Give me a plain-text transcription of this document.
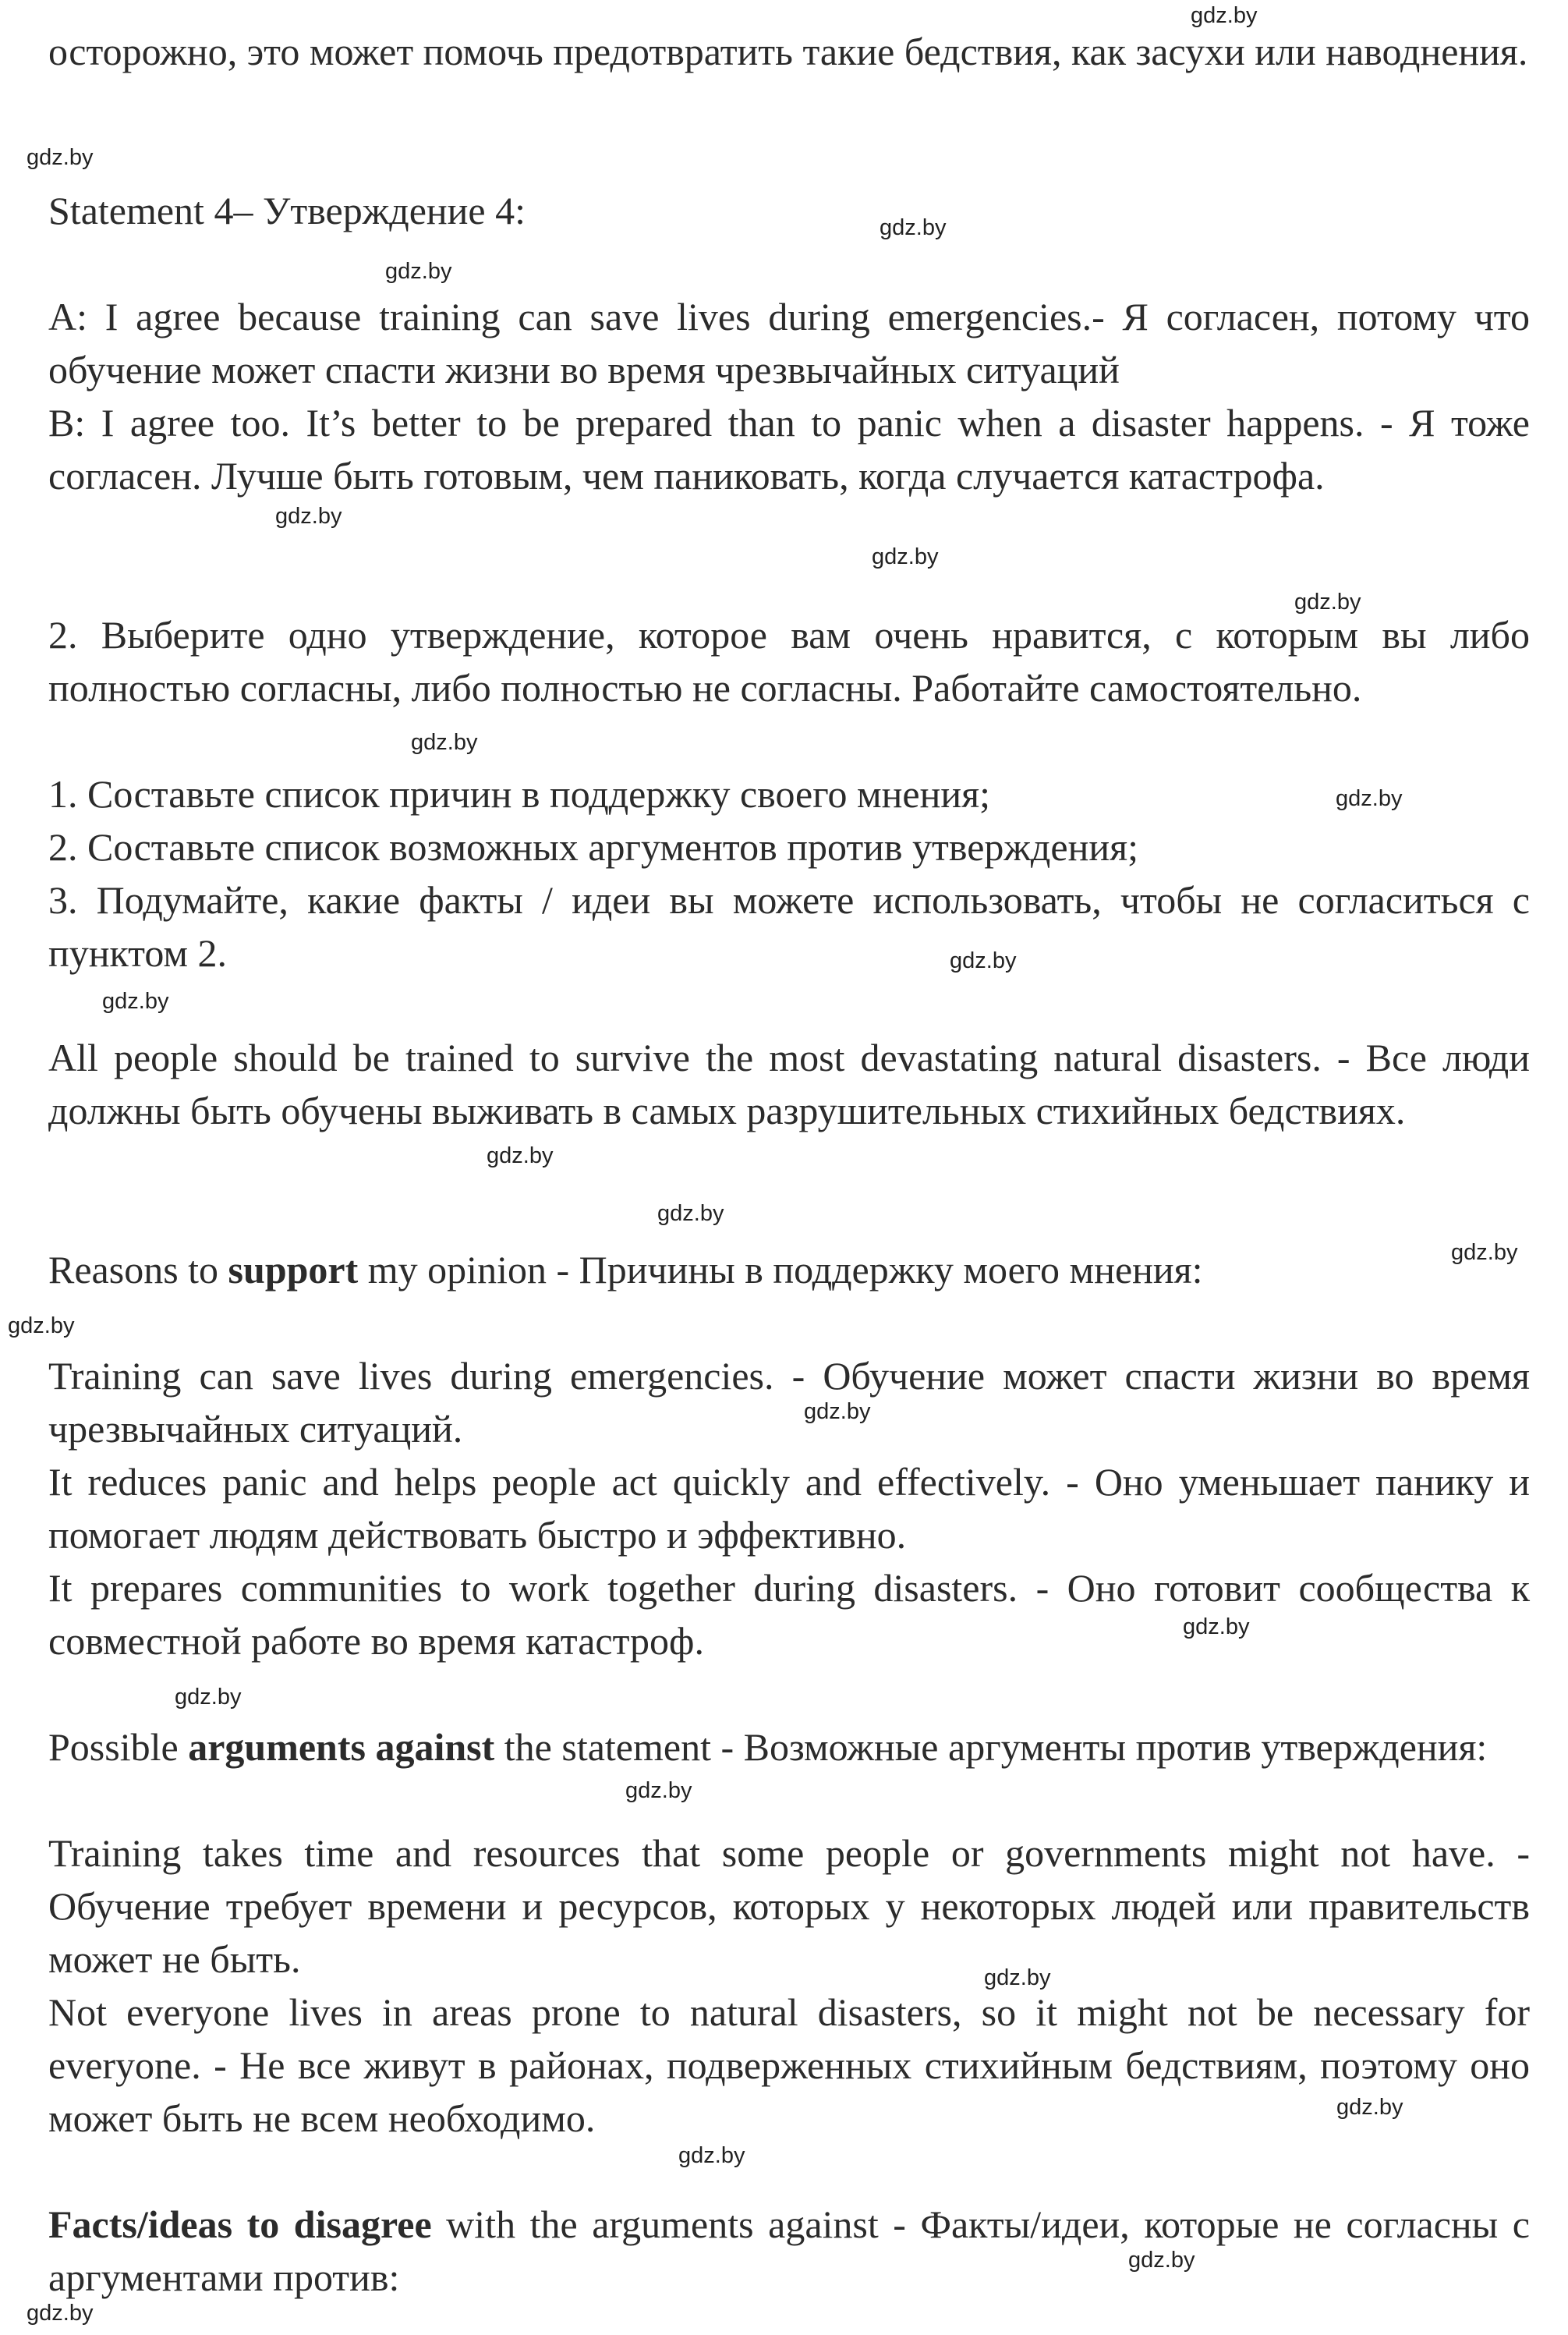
осторожно, это может помочь предотвратить такие бедствия, как засухи или наводнения.

Statement 4– Утверждение 4:

A: I agree because training can save lives during emergencies.- Я согласен, потому что обучение может спасти жизни во время чрезвычайных ситуаций

B: I agree too. It’s better to be prepared than to panic when a disaster happens. - Я тоже согласен. Лучше быть готовым, чем паниковать, когда случается катастрофа.

2. Выберите одно утверждение, которое вам очень нравится, с которым вы либо полностью согласны, либо полностью не согласны. Работайте самостоятельно.

1. Составьте список причин в поддержку своего мнения;
2. Составьте список возможных аргументов против утверждения;

3. Подумайте, какие факты / идеи вы можете использовать, чтобы не согласиться с пунктом 2.

All people should be trained to survive the most devastating natural disasters. - Все люди должны быть обучены выживать в самых разрушительных стихийных бедствиях.

Reasons to support my opinion - Причины в поддержку моего мнения:

Training can save lives during emergencies. - Обучение может спасти жизни во время чрезвычайных ситуаций.

It reduces panic and helps people act quickly and effectively. - Оно уменьшает панику и помогает людям действовать быстро и эффективно.

It prepares communities to work together during disasters. - Оно готовит сообщества к совместной работе во время катастроф.

Possible arguments against the statement - Возможные аргументы против утверждения:

Training takes time and resources that some people or governments might not have. - Обучение требует времени и ресурсов, которых у некоторых людей или правительств может не быть.

Not everyone lives in areas prone to natural disasters, so it might not be necessary for everyone. - Не все живут в районах, подверженных стихийным бедствиям, поэтому оно может быть не всем необходимо.

Facts/ideas to disagree with the arguments against - Факты/идеи, которые не согласны с аргументами против:

gdz.by
gdz.by
gdz.by
gdz.by
gdz.by
gdz.by
gdz.by
gdz.by
gdz.by
gdz.by
gdz.by
gdz.by
gdz.by
gdz.by
gdz.by
gdz.by
gdz.by
gdz.by
gdz.by
gdz.by
gdz.by
gdz.by
gdz.by
gdz.by
